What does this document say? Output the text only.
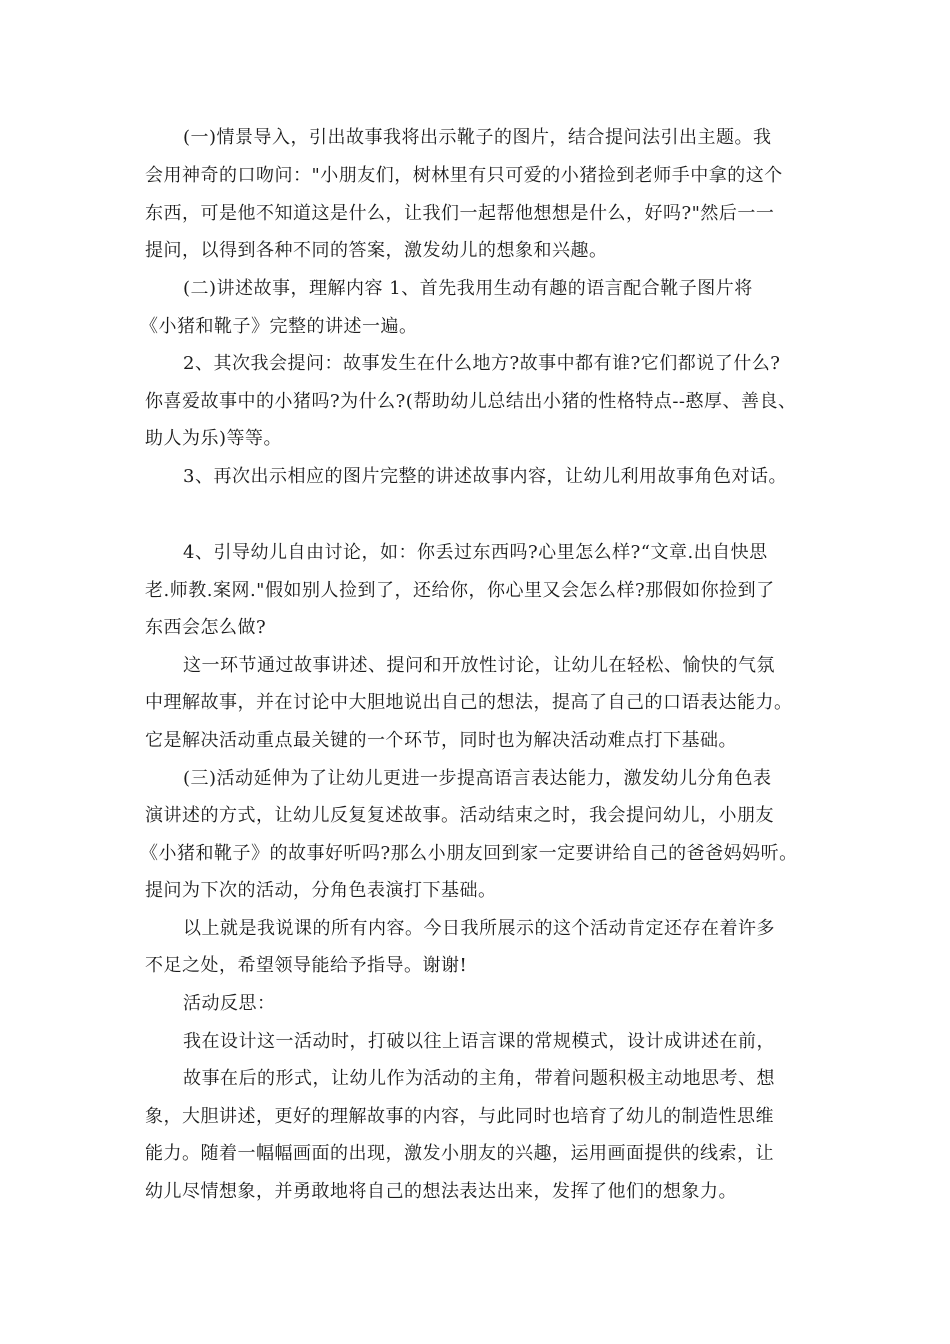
(一)情景导入，引出故事我将出示靴子的图片，结合提问法引出主题。我
会用神奇的口吻问："小朋友们，树林里有只可爱的小猪捡到老师手中拿的这个
东西，可是他不知道这是什么，让我们一起帮他想想是什么，好吗?"然后一一
提问，以得到各种不同的答案，激发幼儿的想象和兴趣。
(二)讲述故事，理解内容 1、首先我用生动有趣的语言配合靴子图片将
《小猪和靴子》完整的讲述一遍。
2、其次我会提问：故事发生在什么地方?故事中都有谁?它们都说了什么?
你喜爱故事中的小猪吗?为什么?(帮助幼儿总结出小猪的性格特点--憨厚、善良、
助人为乐)等等。
3、再次出示相应的图片完整的讲述故事内容，让幼儿利用故事角色对话。
4、引导幼儿自由讨论，如：你丢过东西吗?心里怎么样?“文章.出自快思
老.师教.案网."假如别人捡到了，还给你，你心里又会怎么样?那假如你捡到了
东西会怎么做?
这一环节通过故事讲述、提问和开放性讨论，让幼儿在轻松、愉快的气氛
中理解故事，并在讨论中大胆地说出自己的想法，提高了自己的口语表达能力。
它是解决活动重点最关键的一个环节，同时也为解决活动难点打下基础。
(三)活动延伸为了让幼儿更进一步提高语言表达能力，激发幼儿分角色表
演讲述的方式，让幼儿反复复述故事。活动结束之时，我会提问幼儿，小朋友
《小猪和靴子》的故事好听吗?那么小朋友回到家一定要讲给自己的爸爸妈妈听。
提问为下次的活动，分角色表演打下基础。
以上就是我说课的所有内容。今日我所展示的这个活动肯定还存在着许多
不足之处，希望领导能给予指导。谢谢!
活动反思：
我在设计这一活动时，打破以往上语言课的常规模式，设计成讲述在前，
故事在后的形式，让幼儿作为活动的主角，带着问题积极主动地思考、想
象，大胆讲述，更好的理解故事的内容，与此同时也培育了幼儿的制造性思维
能力。随着一幅幅画面的出现，激发小朋友的兴趣，运用画面提供的线索，让
幼儿尽情想象，并勇敢地将自己的想法表达出来，发挥了他们的想象力。
